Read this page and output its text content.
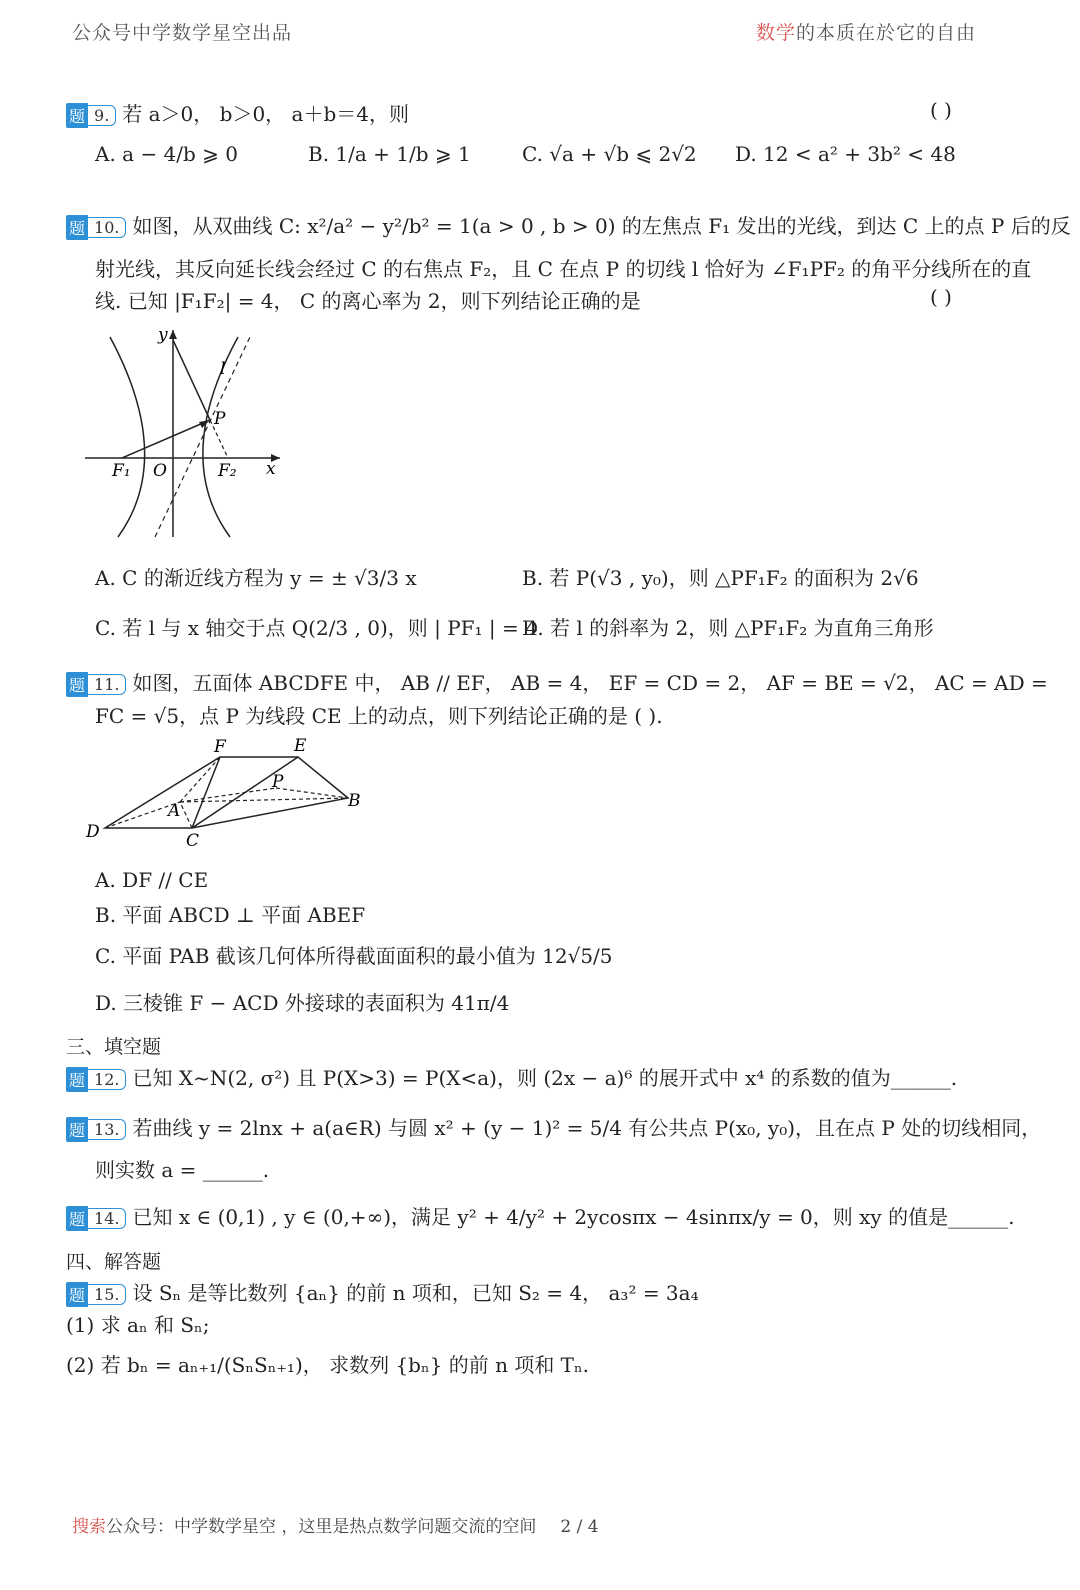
公众号中学数学星空出品	数学的本质在於它的自由
题 9. 若 a＞0， b＞0， a＋b＝4，则	( )
A. a − 4/b ⩾ 0	B. 1/a + 1/b ⩾ 1	C. √a + √b ⩽ 2√2 D. 12 < a² + 3b² < 48
题 10. 如图，从双曲线 C: x²/a² − y²/b² = 1(a > 0 , b > 0) 的左焦点 F₁ 发出的光线，到达 C 上的点 P 后的反
射光线，其反向延长线会经过 C 的右焦点 F₂，且 C 在点 P 的切线 l 恰好为 ∠F₁PF₂ 的角平分线所在的直
线. 已知 |F₁F₂| = 4， C 的离心率为 2，则下列结论正确的是	( )
y
x
l
P
F₁ O	F₂
A. C 的渐近线方程为 y = ± √3/3 x	B. 若 P(√3 , y₀)，则 △PF₁F₂ 的面积为 2√6
C. 若 l 与 x 轴交于点 Q(2/3 , 0)，则 | PF₁ | = 4
D. 若 l 的斜率为 2，则 △PF₁F₂ 为直角三角形
题 11. 如图，五面体 ABCDFE 中， AB // EF， AB = 4， EF = CD = 2， AF = BE = √2， AC = AD =
FC = √5，点 P 为线段 CE 上的动点，则下列结论正确的是 ( ).
F	E
P
A	B
D	C
A. DF // CE
B. 平面 ABCD ⊥ 平面 ABEF
C. 平面 PAB 截该几何体所得截面面积的最小值为 12√5/5
D. 三棱锥 F − ACD 外接球的表面积为 41π/4
三、填空题
题 12. 已知 X~N(2, σ²) 且 P(X>3) = P(X<a)，则 (2x − a)⁶ 的展开式中 x⁴ 的系数的值为______.
题 13. 若曲线 y = 2lnx + a(a∈R) 与圆 x² + (y − 1)² = 5/4 有公共点 P(x₀, y₀)，且在点 P 处的切线相同，
则实数 a = ______.
题 14. 已知 x ∈ (0,1) , y ∈ (0,+∞)，满足 y² + 4/y² + 2ycosπx − 4sinπx/y = 0，则 xy 的值是______.
四、解答题
题 15. 设 Sₙ 是等比数列 {aₙ} 的前 n 项和，已知 S₂ = 4， a₃² = 3a₄
(1) 求 aₙ 和 Sₙ;
(2) 若 bₙ = aₙ₊₁/(SₙSₙ₊₁)， 求数列 {bₙ} 的前 n 项和 Tₙ.
搜索公众号：中学数学星空 ，这里是热点数学问题交流的空间 2 / 4
